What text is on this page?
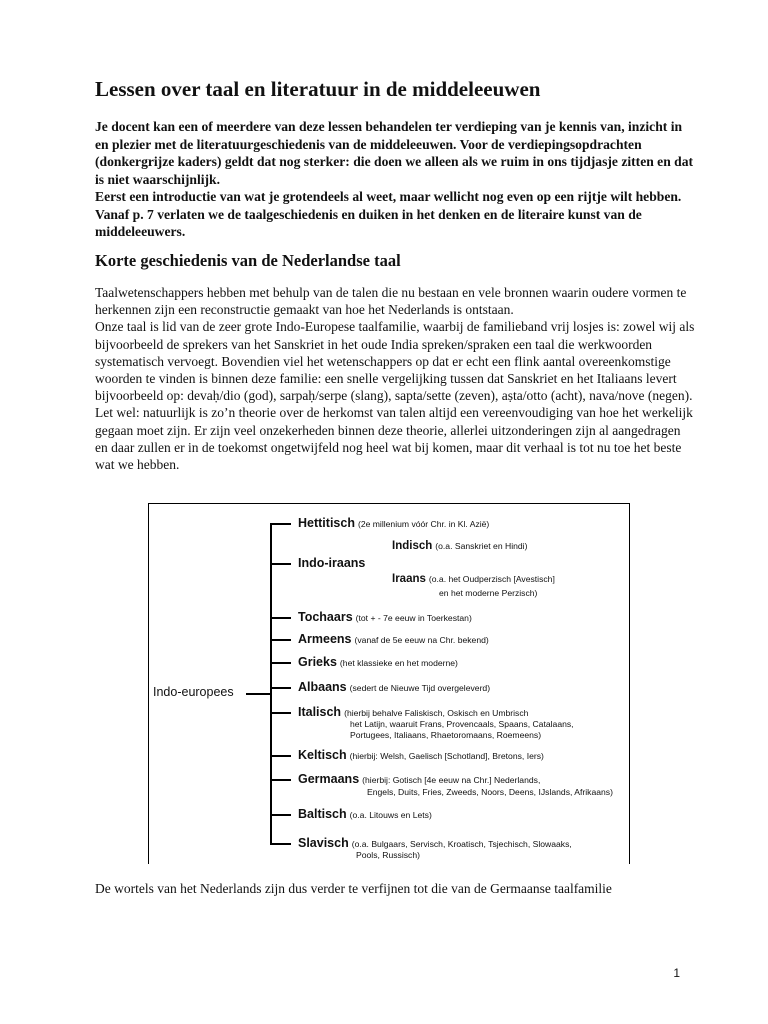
Lessen over taal en literatuur in de middeleeuwen

Je docent kan een of meerdere van deze lessen behandelen ter verdieping van je kennis van, inzicht in en plezier met de literatuurgeschiedenis van de middeleeuwen. Voor de verdiepingsopdrachten (donkergrijze kaders) geldt dat nog sterker: die doen we alleen als we ruim in ons tijdjasje zitten en dat is niet waarschijnlijk.

Eerst een introductie van wat je grotendeels al weet, maar wellicht nog even op een rijtje wilt hebben. Vanaf p. 7 verlaten we de taalgeschiedenis en duiken in het denken en de literaire kunst van de middeleeuwers.

Korte geschiedenis van de Nederlandse taal

Taalwetenschappers hebben met behulp van de talen die nu bestaan en vele bronnen waarin oudere vormen te herkennen zijn een reconstructie gemaakt van hoe het Nederlands is ontstaan.

Onze taal is lid van de zeer grote Indo-Europese taalfamilie, waarbij de familieband vrij losjes is: zowel wij als bijvoorbeeld de sprekers van het Sanskriet in het oude India spreken/spraken een taal die werkwoorden systematisch vervoegt. Bovendien viel het wetenschappers op dat er echt een flink aantal overeenkomstige woorden te vinden is binnen deze familie: een snelle vergelijking tussen dat Sanskriet en het Italiaans levert bijvoorbeeld op: devaḥ/dio (god), sarpaḥ/serpe (slang), sapta/sette (zeven), aṣta/otto (acht), nava/nove (negen).

Let wel: natuurlijk is zo’n theorie over de herkomst van talen altijd een vereenvoudiging van hoe het werkelijk gegaan moet zijn. Er zijn veel onzekerheden binnen deze theorie, allerlei uitzonderingen zijn al aangedragen en daar zullen er in de toekomst ongetwijfeld nog heel wat bij komen, maar dit verhaal is tot nu toe het beste wat we hebben.

Indo-europees
Hettitisch (2e millenium vóór Chr. in Kl. Azië)
Indisch (o.a. Sanskriet en Hindi)
Indo-iraans
Iraans (o.a. het Oudperzisch [Avestisch]
en het moderne Perzisch)
Tochaars (tot + - 7e eeuw in Toerkestan)
Armeens (vanaf de 5e eeuw na Chr. bekend)
Grieks (het klassieke en het moderne)
Albaans (sedert de Nieuwe Tijd overgeleverd)
Italisch (hierbij behalve Faliskisch, Oskisch en Umbrisch
het Latijn, waaruit Frans, Provencaals, Spaans, Catalaans,
Portugees, Italiaans, Rhaetoromaans, Roemeens)
Keltisch (hierbij: Welsh, Gaelisch [Schotland], Bretons, Iers)
Germaans (hierbij: Gotisch [4e eeuw na Chr.] Nederlands,
Engels, Duits, Fries, Zweeds, Noors, Deens, IJslands, Afrikaans)
Baltisch (o.a. Litouws en Lets)
Slavisch (o.a. Bulgaars, Servisch, Kroatisch, Tsjechisch, Slowaaks,
Pools, Russisch)

De wortels van het Nederlands zijn dus verder te verfijnen tot die van de Germaanse taalfamilie

1
